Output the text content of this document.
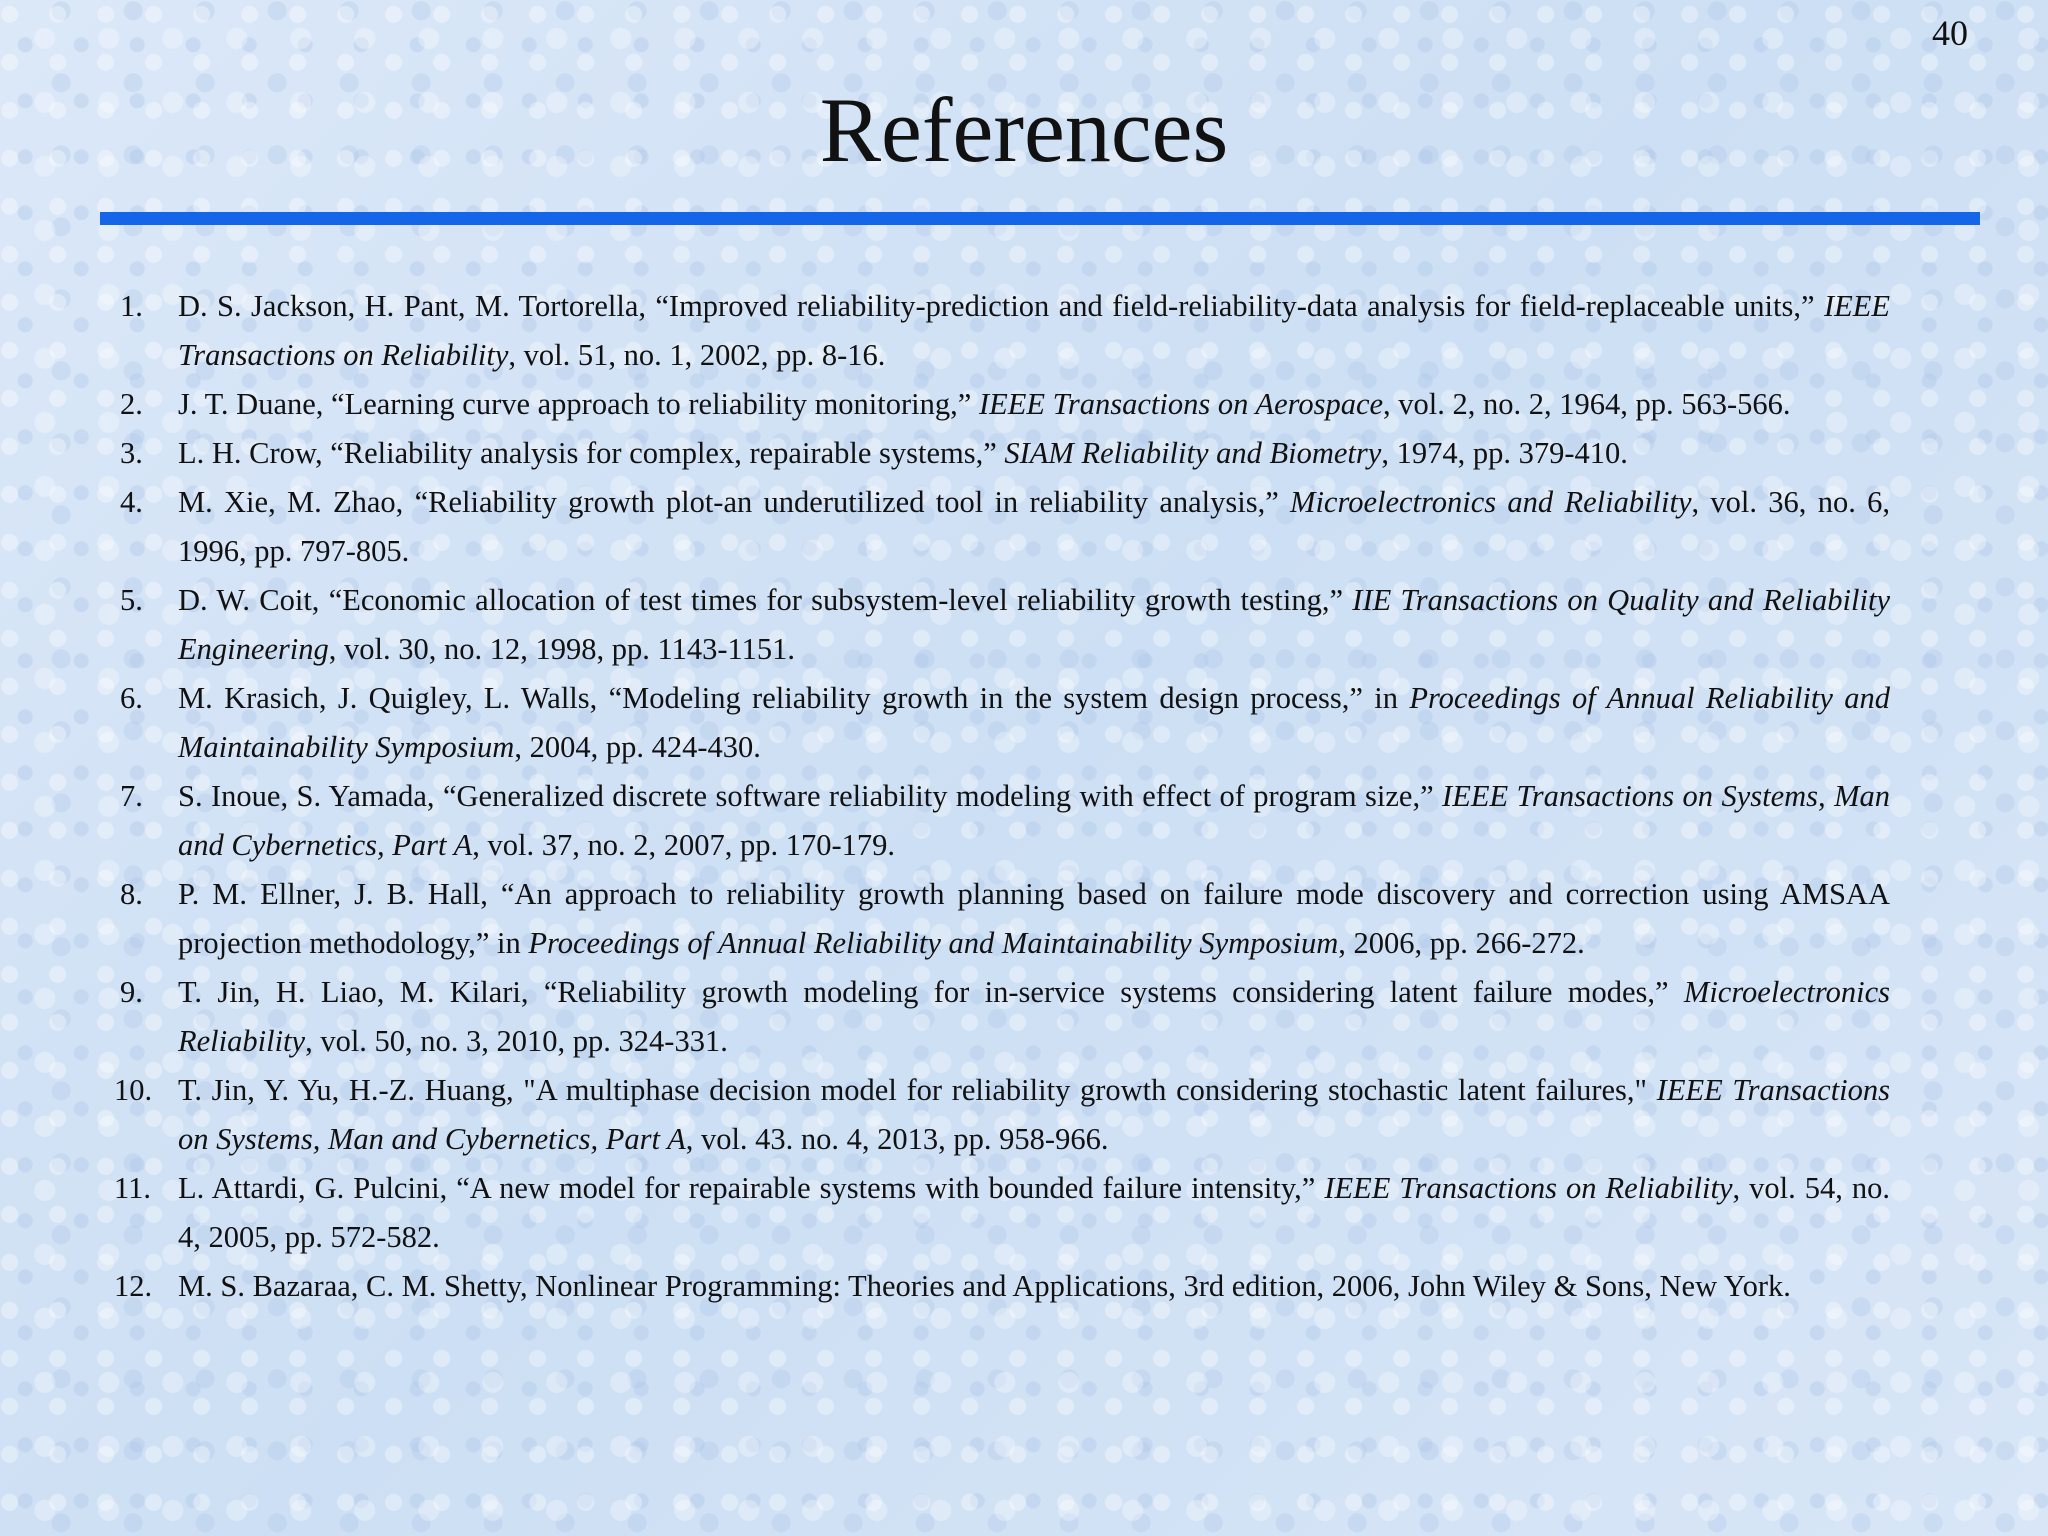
40
References
1.	D. S. Jackson, H. Pant, M. Tortorella, “Improved reliability-prediction and field-reliability-data analysis for field-replaceable units,” IEEE Transactions on Reliability, vol. 51, no. 1, 2002, pp. 8-16.
2.	J. T. Duane, “Learning curve approach to reliability monitoring,” IEEE Transactions on Aerospace, vol. 2, no. 2, 1964, pp. 563-566.
3.	L. H. Crow, “Reliability analysis for complex, repairable systems,” SIAM Reliability and Biometry, 1974, pp. 379-410.
4.	M. Xie, M. Zhao, “Reliability growth plot-an underutilized tool in reliability analysis,” Microelectronics and Reliability, vol. 36, no. 6, 1996, pp. 797-805.
5.	D. W. Coit, “Economic allocation of test times for subsystem-level reliability growth testing,” IIE Transactions on Quality and Reliability Engineering, vol. 30, no. 12, 1998, pp. 1143-1151.
6.	M. Krasich, J. Quigley, L. Walls, “Modeling reliability growth in the system design process,” in Proceedings of Annual Reliability and Maintainability Symposium, 2004, pp. 424-430.
7.	S. Inoue, S. Yamada, “Generalized discrete software reliability modeling with effect of program size,” IEEE Transactions on Systems, Man and Cybernetics, Part A, vol. 37, no. 2, 2007, pp. 170-179.
8.	P. M. Ellner, J. B. Hall, “An approach to reliability growth planning based on failure mode discovery and correction using AMSAA projection methodology,” in Proceedings of Annual Reliability and Maintainability Symposium, 2006, pp. 266-272.
9.	T. Jin, H. Liao, M. Kilari, “Reliability growth modeling for in-service systems considering latent failure modes,” Microelectronics Reliability, vol. 50, no. 3, 2010, pp. 324-331.
10. T. Jin, Y. Yu, H.-Z. Huang, "A multiphase decision model for reliability growth considering stochastic latent failures," IEEE Transactions on Systems, Man and Cybernetics, Part A, vol. 43. no. 4, 2013, pp. 958-966.
11. L. Attardi, G. Pulcini, “A new model for repairable systems with bounded failure intensity,” IEEE Transactions on Reliability, vol. 54, no. 4, 2005, pp. 572-582.
12. M. S. Bazaraa, C. M. Shetty, Nonlinear Programming: Theories and Applications, 3rd edition, 2006, John Wiley & Sons, New York.
